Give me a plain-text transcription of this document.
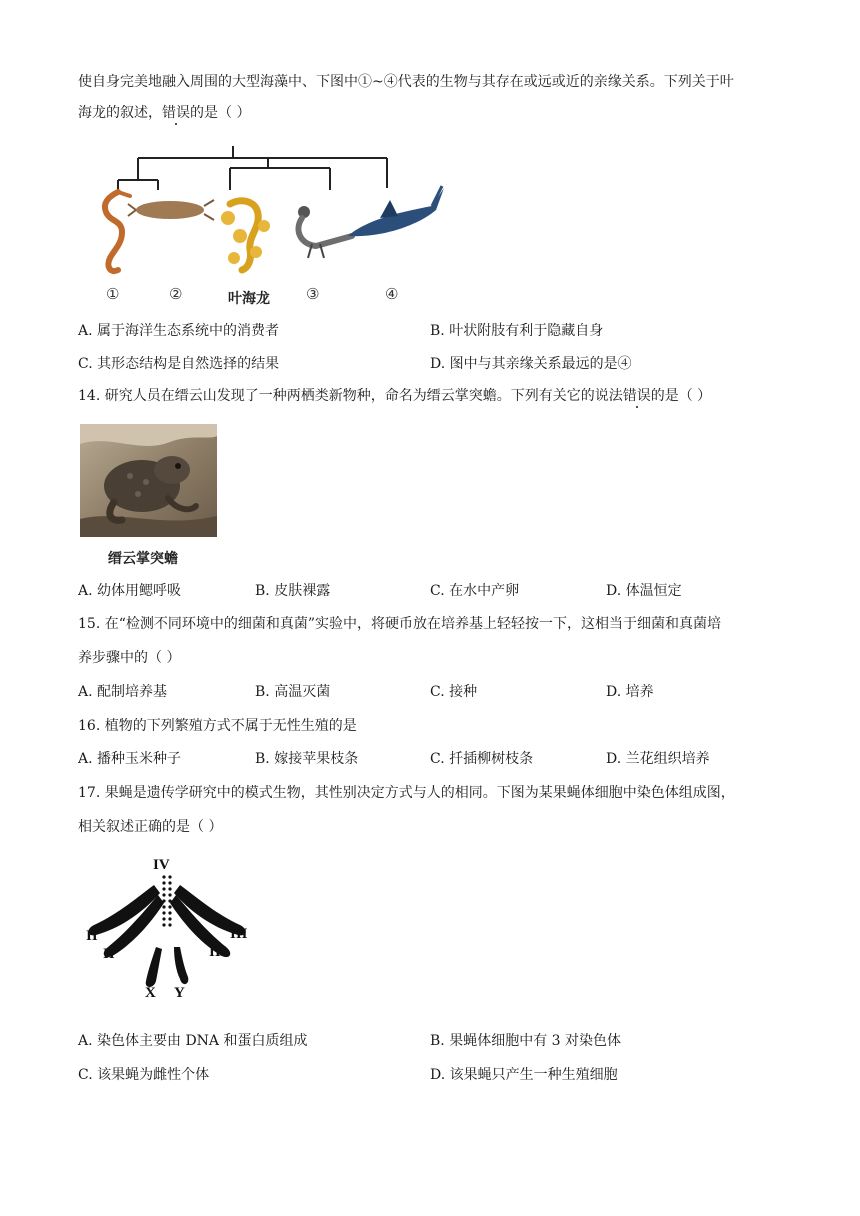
使自身完美地融入周围的大型海藻中、下图中①~④代表的生物与其存在或远或近的亲缘关系。下列关于叶
海龙的叙述，错误的是（ ）
①	②	叶海龙 ③	④
A. 属于海洋生态系统中的消费者	B. 叶状附肢有利于隐藏自身
C. 其形态结构是自然选择的结果	D. 图中与其亲缘关系最远的是④
14. 研究人员在缙云山发现了一种两栖类新物种，命名为缙云掌突蟾。下列有关它的说法错误的是（ ）
缙云掌突蟾
A. 幼体用鳃呼吸	B. 皮肤裸露	C. 在水中产卵	D. 体温恒定
15. 在“检测不同环境中的细菌和真菌”实验中，将硬币放在培养基上轻轻按一下，这相当于细菌和真菌培
养步骤中的（ ）
A. 配制培养基	B. 高温灭菌	C. 接种	D. 培养
16. 植物的下列繁殖方式不属于无性生殖的是
A. 播种玉米种子	B. 嫁接苹果枝条	C. 扦插柳树枝条	D. 兰花组织培养
17. 果蝇是遗传学研究中的模式生物，其性别决定方式与人的相同。下图为某果蝇体细胞中染色体组成图，
相关叙述正确的是（ ）
IV
II
II
III
III
X Y
A. 染色体主要由 DNA 和蛋白质组成	B. 果蝇体细胞中有 3 对染色体
C. 该果蝇为雌性个体	D. 该果蝇只产生一种生殖细胞
